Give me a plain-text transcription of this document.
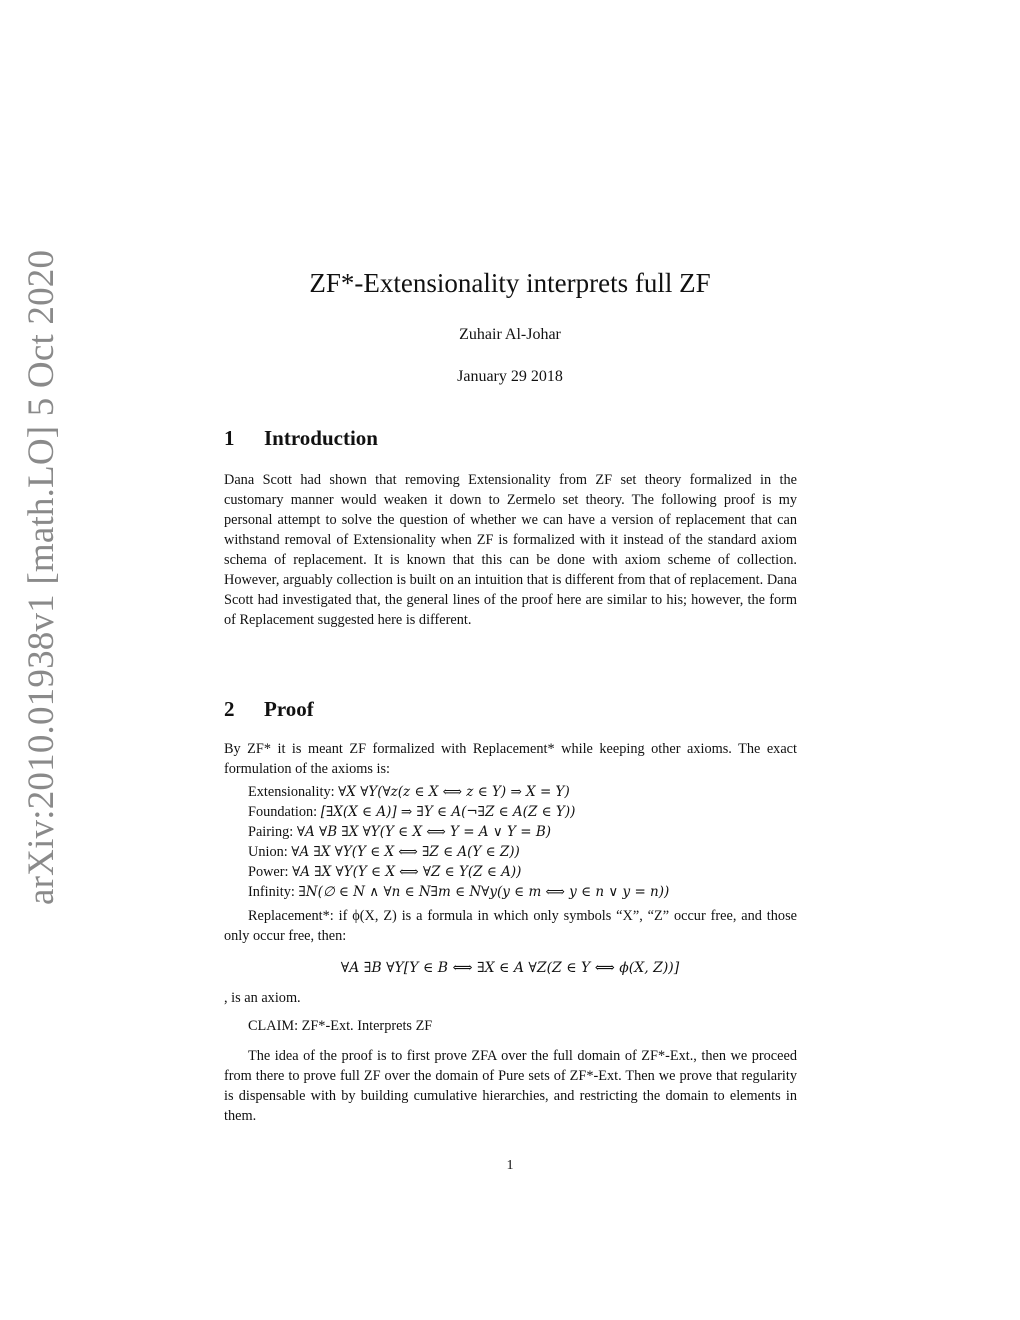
arXiv:2010.01938v1 [math.LO] 5 Oct 2020	ZF*-Extensionality interprets full ZF
Zuhair Al-Johar
January 29 2018
1 Introduction
Dana Scott had shown that removing Extensionality from ZF set theory formalized in the customary manner would weaken it down to Zermelo set theory. The following proof is my personal attempt to solve the question of whether we can have a version of replacement that can withstand removal of Extensionality when ZF is formalized with it instead of the standard axiom schema of replacement. It is known that this can be done with axiom scheme of collection. However, arguably collection is built on an intuition that is different from that of replacement. Dana Scott had investigated that, the general lines of the proof here are similar to his; however, the form of Replacement suggested here is different.
2 Proof
By ZF* it is meant ZF formalized with Replacement* while keeping other axioms. The exact formulation of the axioms is:
Extensionality: ∀X ∀Y(∀z(z ∈ X ⟺ z ∈ Y) ⇒ X = Y)
Foundation: [∃X(X ∈ A)] ⇒ ∃Y ∈ A(¬∃Z ∈ A(Z ∈ Y))
Pairing: ∀A ∀B ∃X ∀Y(Y ∈ X ⟺ Y = A ∨ Y = B)
Union: ∀A ∃X ∀Y(Y ∈ X ⟺ ∃Z ∈ A(Y ∈ Z))
Power: ∀A ∃X ∀Y(Y ∈ X ⟺ ∀Z ∈ Y(Z ∈ A))
Infinity: ∃N(∅ ∈ N ∧ ∀n ∈ N∃m ∈ N∀y(y ∈ m ⟺ y ∈ n ∨ y = n))
Replacement*: if ϕ(X, Z) is a formula in which only symbols “X”, “Z” occur free, and those only occur free, then:
∀A ∃B ∀Y[Y ∈ B ⟺ ∃X ∈ A ∀Z(Z ∈ Y ⟺ ϕ(X, Z))]
, is an axiom.
CLAIM: ZF*-Ext. Interprets ZF
The idea of the proof is to first prove ZFA over the full domain of ZF*-Ext., then we proceed from there to prove full ZF over the domain of Pure sets of ZF*-Ext. Then we prove that regularity is dispensable with by building cumulative hierarchies, and restricting the domain to elements in them.
1
